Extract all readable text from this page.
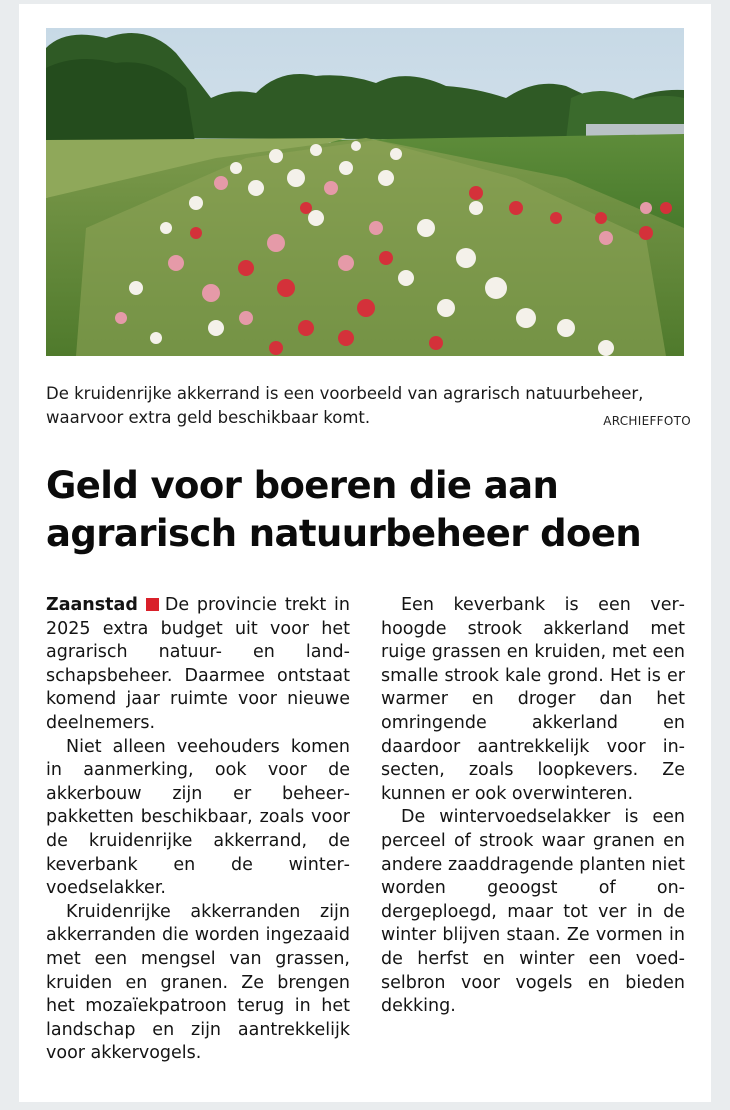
De kruidenrijke akkerrand is een voorbeeld van agrarisch natuurbeheer, waarvoor extra geld beschikbaar komt.	ARCHIEFFOTO
Geld voor boeren die aan agrarisch natuurbeheer doen

Zaanstad De provincie trekt in 2025 extra budget uit voor het agrarisch natuur- en landschapsbeheer. Daarmee ontstaat komend jaar ruimte voor nieuwe deelnemers.

Niet alleen veehouders komen in aanmerking, ook voor de akkerbouw zijn er beheerpakketten beschikbaar, zoals voor de kruidenrijke akkerrand, de keverbank en de wintervoedselakker.

Kruidenrijke akkerranden zijn akkerranden die worden ingezaaid met een mengsel van grassen, kruiden en granen. Ze brengen het mozaïekpatroon terug in het landschap en zijn aantrekkelijk voor akkervogels.

Een keverbank is een verhoogde strook akkerland met ruige grassen en kruiden, met een smalle strook kale grond. Het is er warmer en droger dan het omringende akkerland en daardoor aantrekkelijk voor insecten, zoals loopkevers. Ze kunnen er ook overwinteren.

De wintervoedselakker is een perceel of strook waar granen en andere zaaddragende planten niet worden geoogst of ondergeploegd, maar tot ver in de winter blijven staan. Ze vormen in de herfst en winter een voedselbron voor vogels en bieden dekking.
